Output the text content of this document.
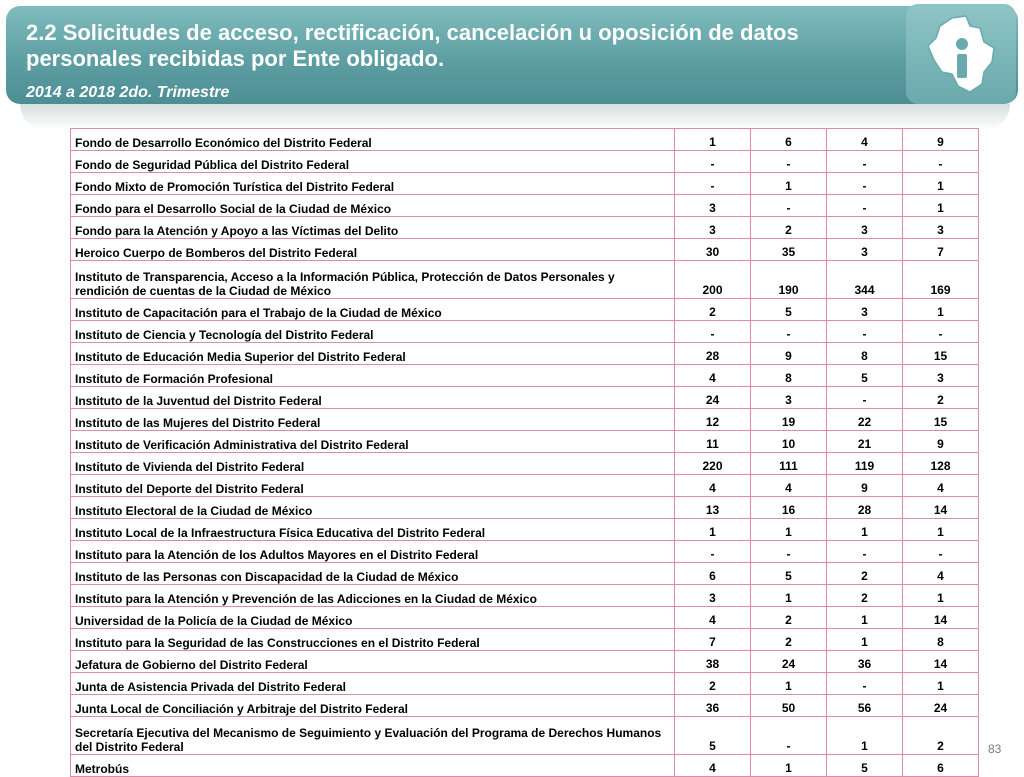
2.2 Solicitudes de acceso, rectificación, cancelación u oposición de datos personales recibidas por Ente obligado.
2014 a 2018 2do. Trimestre
Fondo de Desarrollo Económico del Distrito Federal	1	6	4	9
Fondo de Seguridad Pública del Distrito Federal	-	-	-	-
Fondo Mixto de Promoción Turística del Distrito Federal	-	1	-	1
Fondo para el Desarrollo Social de la Ciudad de México	3	-	-	1
Fondo para la Atención y Apoyo a las Víctimas del Delito	3	2	3	3
Heroico Cuerpo de Bomberos del Distrito Federal	30	35	3	7
Instituto de Transparencia, Acceso a la Información Pública, Protección de Datos Personales y rendición de cuentas de la Ciudad de México	200	190	344	169
Instituto de Capacitación para el Trabajo de la Ciudad de México	2	5	3	1
Instituto de Ciencia y Tecnología del Distrito Federal	-	-	-	-
Instituto de Educación Media Superior del Distrito Federal	28	9	8	15
Instituto de Formación Profesional	4	8	5	3
Instituto de la Juventud del Distrito Federal	24	3	-	2
Instituto de las Mujeres del Distrito Federal	12	19	22	15
Instituto de Verificación Administrativa del Distrito Federal	11	10	21	9
Instituto de Vivienda del Distrito Federal	220	111	119	128
Instituto del Deporte del Distrito Federal	4	4	9	4
Instituto Electoral de la Ciudad de México	13	16	28	14
Instituto Local de la Infraestructura Física Educativa del Distrito Federal	1	1	1	1
Instituto para la Atención de los Adultos Mayores en el Distrito Federal	-	-	-	-
Instituto de las Personas con Discapacidad de la Ciudad de México	6	5	2	4
Instituto para la Atención y Prevención de las Adicciones en la Ciudad de México	3	1	2	1
Universidad de la Policía de la Ciudad de México	4	2	1	14
Instituto para la Seguridad de las Construcciones en el Distrito Federal	7	2	1	8
Jefatura de Gobierno del Distrito Federal	38	24	36	14
Junta de Asistencia Privada del Distrito Federal	2	1	-	1
Junta Local de Conciliación y Arbitraje del Distrito Federal	36	50	56	24
Secretaría Ejecutiva del Mecanismo de Seguimiento y Evaluación del Programa de Derechos Humanos del Distrito Federal	5	-	1	2
Metrobús	4	1	5	6
83
